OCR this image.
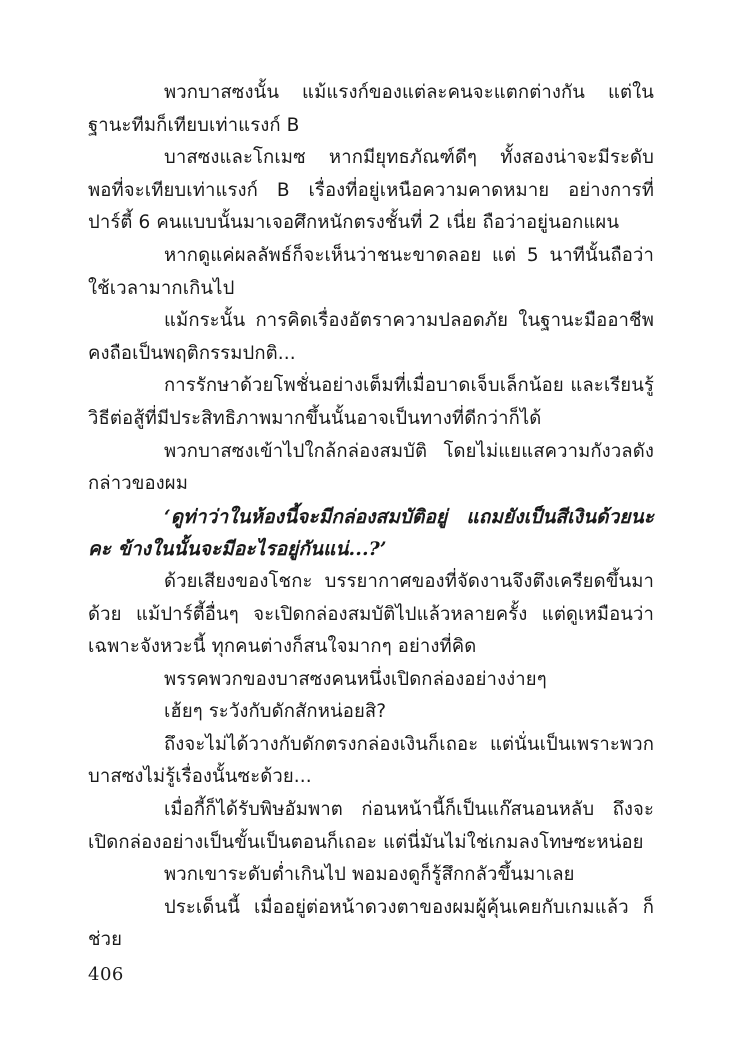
พวกบาสซงนั้น แม้แรงก์ของแต่ละคนจะแตกต่างกัน แต่ในฐานะทีมก็เทียบเท่าแรงก์ B

บาสซงและโกเมซ หากมียุทธภัณฑ์ดีๆ ทั้งสองน่าจะมีระดับพอที่จะเทียบเท่าแรงก์ B เรื่องที่อยู่เหนือความคาดหมาย อย่างการที่ปาร์ตี้ 6 คนแบบนั้นมาเจอศึกหนักตรงชั้นที่ 2 เนี่ย ถือว่าอยู่นอกแผน

หากดูแค่ผลลัพธ์ก็จะเห็นว่าชนะขาดลอย แต่ 5 นาทีนั้นถือว่าใช้เวลามากเกินไป

แม้กระนั้น การคิดเรื่องอัตราความปลอดภัย ในฐานะมืออาชีพคงถือเป็นพฤติกรรมปกติ...

การรักษาด้วยโพชั่นอย่างเต็มที่เมื่อบาดเจ็บเล็กน้อย และเรียนรู้วิธีต่อสู้ที่มีประสิทธิภาพมากขึ้นนั้นอาจเป็นทางที่ดีกว่าก็ได้

พวกบาสซงเข้าไปใกล้กล่องสมบัติ โดยไม่แยแสความกังวลดังกล่าวของผม

‘ดูท่าว่าในห้องนี้จะมีกล่องสมบัติอยู่ แถมยังเป็นสีเงินด้วยนะคะ ข้างในนั้นจะมีอะไรอยู่กันแน่...?’

ด้วยเสียงของโชกะ บรรยากาศของที่จัดงานจึงตึงเครียดขึ้นมาด้วย แม้ปาร์ตี้อื่นๆ จะเปิดกล่องสมบัติไปแล้วหลายครั้ง แต่ดูเหมือนว่าเฉพาะจังหวะนี้ ทุกคนต่างก็สนใจมากๆ อย่างที่คิด

พรรคพวกของบาสซงคนหนึ่งเปิดกล่องอย่างง่ายๆ

เฮ้ยๆ ระวังกับดักสักหน่อยสิ?

ถึงจะไม่ได้วางกับดักตรงกล่องเงินก็เถอะ แต่นั่นเป็นเพราะพวกบาสซงไม่รู้เรื่องนั้นซะด้วย...

เมื่อกี้ก็ได้รับพิษอัมพาต ก่อนหน้านี้ก็เป็นแก๊สนอนหลับ ถึงจะเปิดกล่องอย่างเป็นขั้นเป็นตอนก็เถอะ แต่นี่มันไม่ใช่เกมลงโทษซะหน่อย

พวกเขาระดับต่ำเกินไป พอมองดูก็รู้สึกกลัวขึ้นมาเลย

ประเด็นนี้ เมื่ออยู่ต่อหน้าดวงตาของผมผู้คุ้นเคยกับเกมแล้ว ก็ช่วย

406
